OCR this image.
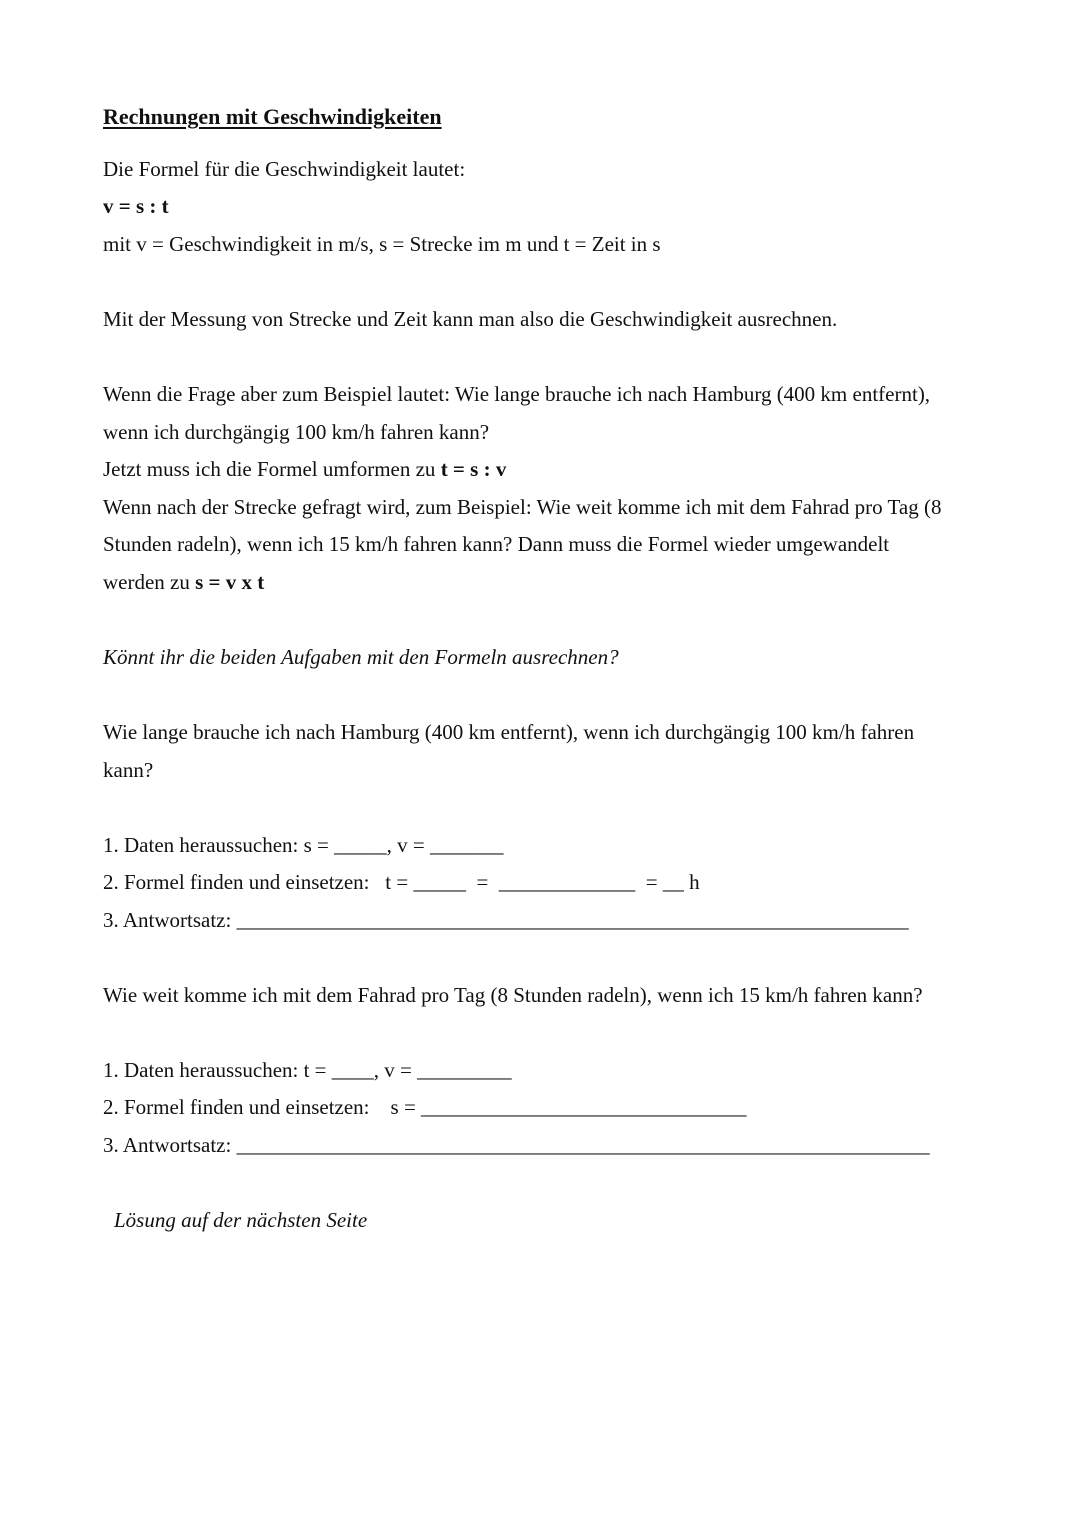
Rechnungen mit Geschwindigkeiten
Die Formel für die Geschwindigkeit lautet:
v = s : t
mit v = Geschwindigkeit in m/s, s = Strecke im m und t = Zeit in s
Mit der Messung von Strecke und Zeit kann man also die Geschwindigkeit ausrechnen.
Wenn die Frage aber zum Beispiel lautet: Wie lange brauche ich nach Hamburg (400 km entfernt),
wenn ich durchgängig 100 km/h fahren kann?
Jetzt muss ich die Formel umformen zu t = s : v
Wenn nach der Strecke gefragt wird, zum Beispiel: Wie weit komme ich mit dem Fahrad pro Tag (8
Stunden radeln), wenn ich 15 km/h fahren kann? Dann muss die Formel wieder umgewandelt
werden zu s = v x t
Könnt ihr die beiden Aufgaben mit den Formeln ausrechnen?
Wie lange brauche ich nach Hamburg (400 km entfernt), wenn ich durchgängig 100 km/h fahren
kann?
1. Daten heraussuchen: s = _____, v = _______
2. Formel finden und einsetzen:   t = _____  =  _____________  = __ h
3. Antwortsatz: ________________________________________________________________
Wie weit komme ich mit dem Fahrad pro Tag (8 Stunden radeln), wenn ich 15 km/h fahren kann?
1. Daten heraussuchen: t = ____, v = _________
2. Formel finden und einsetzen:    s = _______________________________
3. Antwortsatz: __________________________________________________________________
Lösung auf der nächsten Seite
